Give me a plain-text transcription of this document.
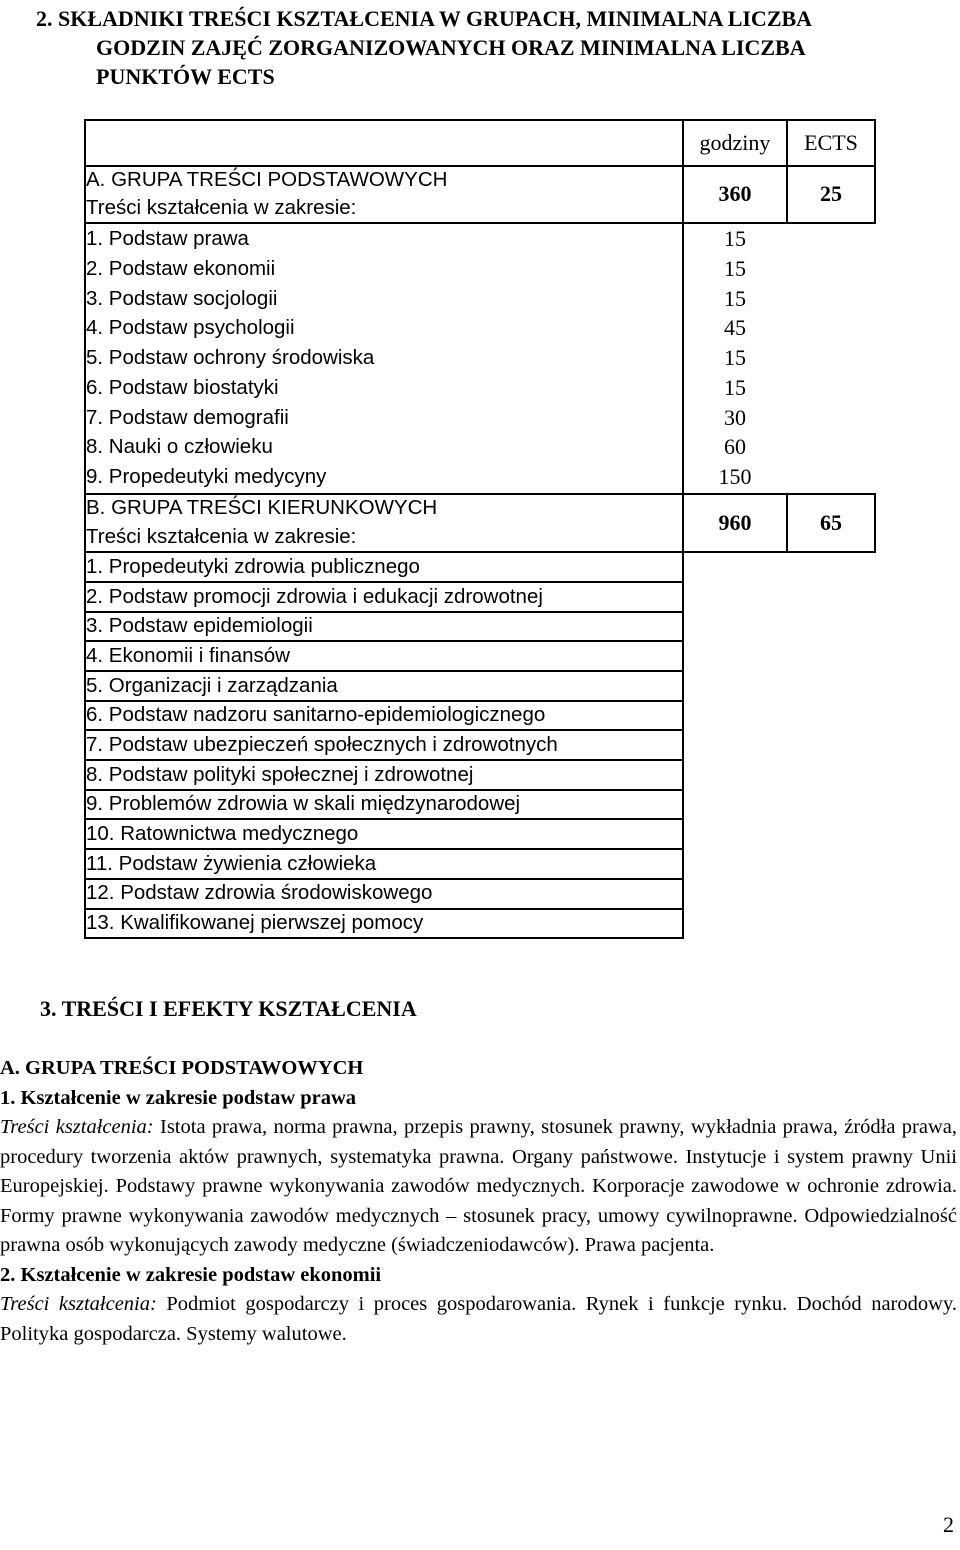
2. SKŁADNIKI TREŚCI KSZTAŁCENIA W GRUPACH, MINIMALNA LICZBA
GODZIN ZAJĘĆ ZORGANIZOWANYCH ORAZ MINIMALNA LICZBA
PUNKTÓW ECTS
godziny	ECTS
A. GRUPA TREŚCI PODSTAWOWYCH
Treści kształcenia w zakresie:
360	25
1. Podstaw prawa	15
2. Podstaw ekonomii	15
3. Podstaw socjologii	15
4. Podstaw psychologii	45
5. Podstaw ochrony środowiska	15
6. Podstaw biostatyki	15
7. Podstaw demografii	30
8. Nauki o człowieku	60
9. Propedeutyki medycyny	150
B. GRUPA TREŚCI KIERUNKOWYCH
Treści kształcenia w zakresie:
960	65
1. Propedeutyki zdrowia publicznego
2. Podstaw promocji zdrowia i edukacji zdrowotnej
3. Podstaw epidemiologii
4. Ekonomii i finansów
5. Organizacji i zarządzania
6. Podstaw nadzoru sanitarno-epidemiologicznego
7. Podstaw ubezpieczeń społecznych i zdrowotnych
8. Podstaw polityki społecznej i zdrowotnej
9. Problemów zdrowia w skali międzynarodowej
10. Ratownictwa medycznego
11. Podstaw żywienia człowieka
12. Podstaw zdrowia środowiskowego
13. Kwalifikowanej pierwszej pomocy
3. TREŚCI I EFEKTY KSZTAŁCENIA

A. GRUPA TREŚCI PODSTAWOWYCH

1. Kształcenie w zakresie podstaw prawa

Treści kształcenia: Istota prawa, norma prawna, przepis prawny, stosunek prawny, wykładnia prawa, źródła prawa, procedury tworzenia aktów prawnych, systematyka prawna. Organy państwowe. Instytucje i system prawny Unii Europejskiej. Podstawy prawne wykonywania zawodów medycznych. Korporacje zawodowe w ochronie zdrowia. Formy prawne wykonywania zawodów medycznych – stosunek pracy, umowy cywilnoprawne. Odpowiedzialność prawna osób wykonujących zawody medyczne (świadczeniodawców). Prawa pacjenta.

2. Kształcenie w zakresie podstaw ekonomii

Treści kształcenia: Podmiot gospodarczy i proces gospodarowania. Rynek i funkcje rynku. Dochód narodowy. Polityka gospodarcza. Systemy walutowe.

2
